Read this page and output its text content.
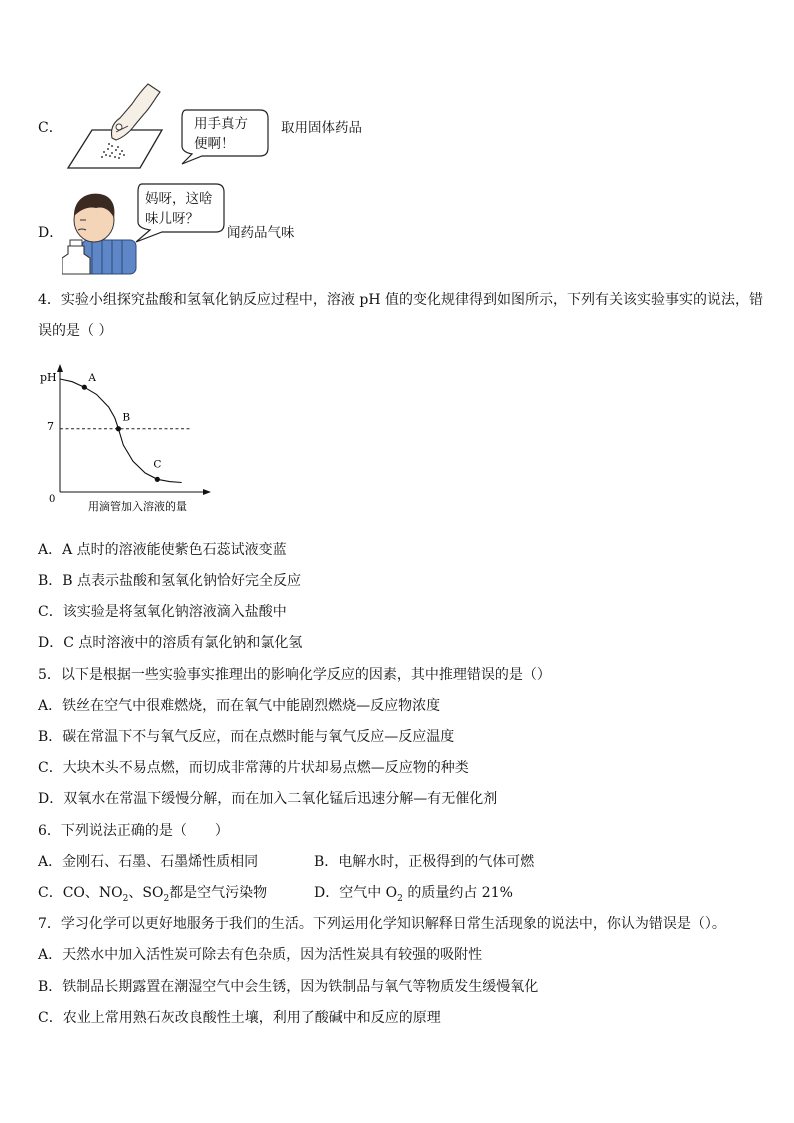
C．	用手真方
便啊！
取用固体药品
D．
妈呀，这啥
味儿呀？
闻药品气味
4．实验小组探究盐酸和氢氧化钠反应过程中，溶液 pH 值的变化规律得到如图所示，下列有关该实验事实的说法，错
误的是（ ）
pH
0
7
A
B
C
用滴管加入溶液的量
A．A 点时的溶液能使紫色石蕊试液变蓝
B．B 点表示盐酸和氢氧化钠恰好完全反应
C．该实验是将氢氧化钠溶液滴入盐酸中
D．C 点时溶液中的溶质有氯化钠和氯化氢
5．以下是根据一些实验事实推理出的影响化学反应的因素，其中推理错误的是（）
A．铁丝在空气中很难燃烧，而在氧气中能剧烈燃烧—反应物浓度
B．碳在常温下不与氧气反应，而在点燃时能与氧气反应—反应温度
C．大块木头不易点燃，而切成非常薄的片状却易点燃—反应物的种类
D．双氧水在常温下缓慢分解，而在加入二氧化锰后迅速分解—有无催化剂
6．下列说法正确的是（　　）
A．金刚石、石墨、石墨烯性质相同	B．电解水时，正极得到的气体可燃
C．CO、$NO_2$、$SO_2$都是空气污染物	D．空气中 $O_2$ 的质量约占 21%
7．学习化学可以更好地服务于我们的生活。下列运用化学知识解释日常生活现象的说法中，你认为错误是（）。
A．天然水中加入活性炭可除去有色杂质，因为活性炭具有较强的吸附性
B．铁制品长期露置在潮湿空气中会生锈，因为铁制品与氧气等物质发生缓慢氧化
C．农业上常用熟石灰改良酸性土壤，利用了酸碱中和反应的原理
